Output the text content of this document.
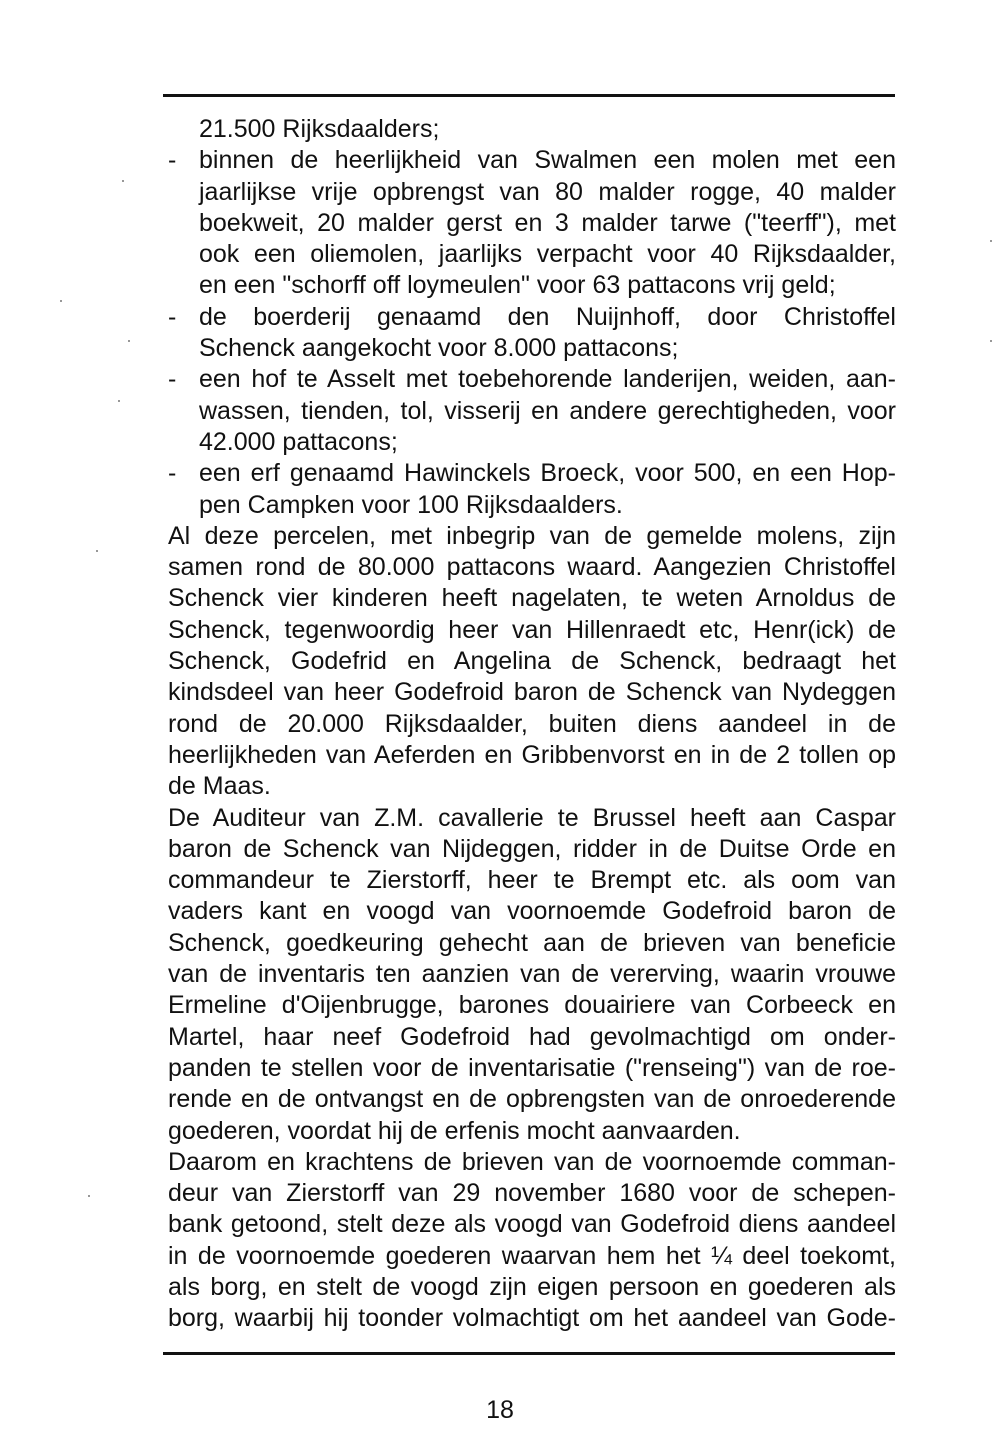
21.500 Rijksdaalders;
- binnen de heerlijkheid van Swalmen een molen met een
jaarlijkse vrije opbrengst van 80 malder rogge, 40 malder
boekweit, 20 malder gerst en 3 malder tarwe ("teerff"), met
ook een oliemolen, jaarlijks verpacht voor 40 Rijksdaalder,
en een "schorff off loymeulen" voor 63 pattacons vrij geld;
- de boerderij genaamd den Nuijnhoff, door Christoffel
Schenck aangekocht voor 8.000 pattacons;
- een hof te Asselt met toebehorende landerijen, weiden, aan-
wassen, tienden, tol, visserij en andere gerechtigheden, voor
42.000 pattacons;
- een erf genaamd Hawinckels Broeck, voor 500, en een Hop-
pen Campken voor 100 Rijksdaalders.
Al deze percelen, met inbegrip van de gemelde molens, zijn
samen rond de 80.000 pattacons waard. Aangezien Christoffel
Schenck vier kinderen heeft nagelaten, te weten Arnoldus de
Schenck, tegenwoordig heer van Hillenraedt etc, Henr(ick) de
Schenck, Godefrid en Angelina de Schenck, bedraagt het
kindsdeel van heer Godefroid baron de Schenck van Nydeggen
rond de 20.000 Rijksdaalder, buiten diens aandeel in de
heerlijkheden van Aeferden en Gribbenvorst en in de 2 tollen op
de Maas.
De Auditeur van Z.M. cavallerie te Brussel heeft aan Caspar
baron de Schenck van Nijdeggen, ridder in de Duitse Orde en
commandeur te Zierstorff, heer te Brempt etc. als oom van
vaders kant en voogd van voornoemde Godefroid baron de
Schenck, goedkeuring gehecht aan de brieven van beneficie
van de inventaris ten aanzien van de vererving, waarin vrouwe
Ermeline d'Oijenbrugge, barones douairiere van Corbeeck en
Martel, haar neef Godefroid had gevolmachtigd om onder-
panden te stellen voor de inventarisatie ("renseing") van de roe-
rende en de ontvangst en de opbrengsten van de onroederende
goederen, voordat hij de erfenis mocht aanvaarden.
Daarom en krachtens de brieven van de voornoemde comman-
deur van Zierstorff van 29 november 1680 voor de schepen-
bank getoond, stelt deze als voogd van Godefroid diens aandeel
in de voornoemde goederen waarvan hem het ¼ deel toekomt,
als borg, en stelt de voogd zijn eigen persoon en goederen als
borg, waarbij hij toonder volmachtigt om het aandeel van Gode-
18
